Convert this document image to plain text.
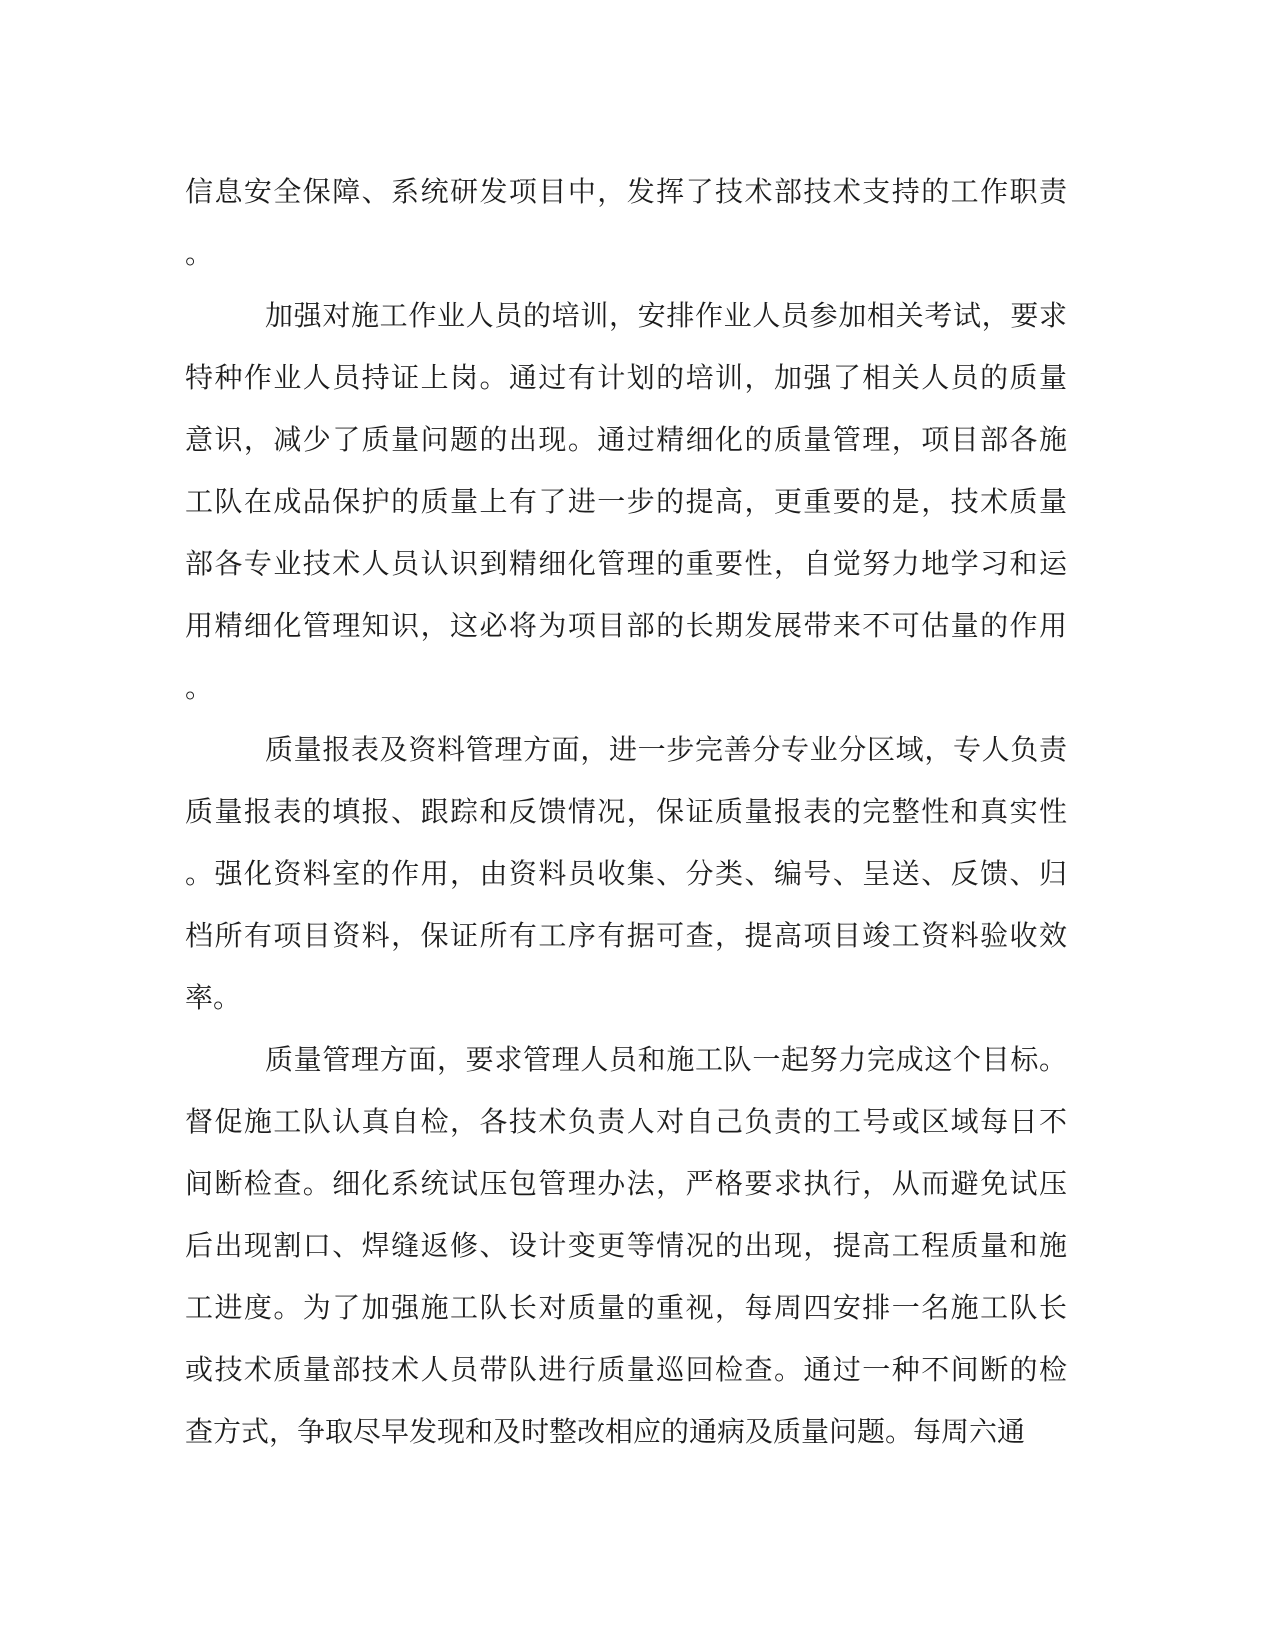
信息安全保障、系统研发项目中，发挥了技术部技术支持的工作职责
。
加强对施工作业人员的培训，安排作业人员参加相关考试，要求
特种作业人员持证上岗。通过有计划的培训，加强了相关人员的质量
意识，减少了质量问题的出现。通过精细化的质量管理，项目部各施
工队在成品保护的质量上有了进一步的提高，更重要的是，技术质量
部各专业技术人员认识到精细化管理的重要性，自觉努力地学习和运
用精细化管理知识，这必将为项目部的长期发展带来不可估量的作用
。
质量报表及资料管理方面，进一步完善分专业分区域，专人负责
质量报表的填报、跟踪和反馈情况，保证质量报表的完整性和真实性
。强化资料室的作用，由资料员收集、分类、编号、呈送、反馈、归
档所有项目资料，保证所有工序有据可查，提高项目竣工资料验收效
率。
质量管理方面，要求管理人员和施工队一起努力完成这个目标。
督促施工队认真自检，各技术负责人对自己负责的工号或区域每日不
间断检查。细化系统试压包管理办法，严格要求执行，从而避免试压
后出现割口、焊缝返修、设计变更等情况的出现，提高工程质量和施
工进度。为了加强施工队长对质量的重视，每周四安排一名施工队长
或技术质量部技术人员带队进行质量巡回检查。通过一种不间断的检
查方式，争取尽早发现和及时整改相应的通病及质量问题。每周六通
